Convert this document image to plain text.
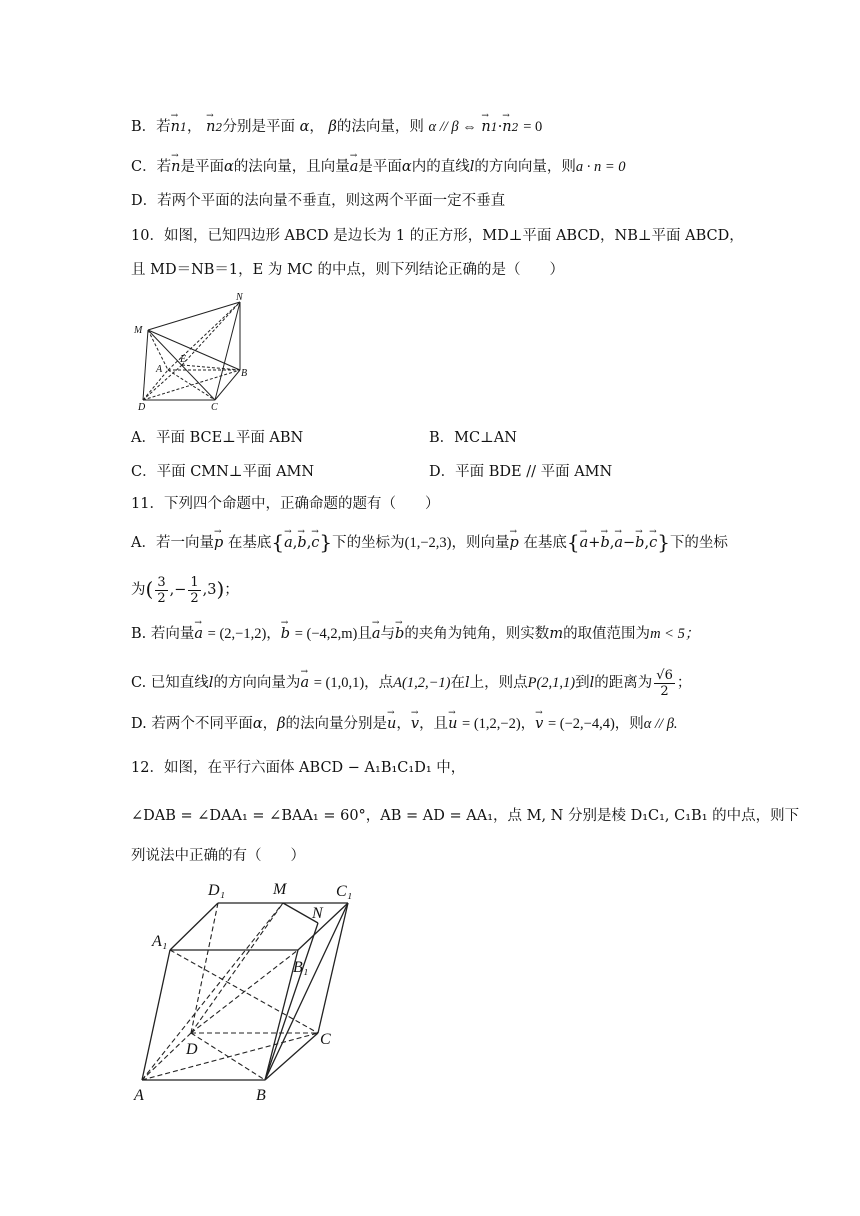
B．若→ n1， → n2分别是平面 α， β的法向量，则 α // β ⇔ → n1·→ n2 = 0
C．若→ n是平面α的法向量，且向量→ a是平面α内的直线l的方向向量，则a · n = 0
D．若两个平面的法向量不垂直，则这两个平面一定不垂直
10．如图，已知四边形 ABCD 是边长为 1 的正方形，MD⊥平面 ABCD，NB⊥平面 ABCD，
且 MD＝NB＝1，E 为 MC 的中点，则下列结论正确的是（　　）
M
N
E
A	B
C
D
A．平面 BCE⊥平面 ABN	B．MC⊥AN
C．平面 CMN⊥平面 AMN	D．平面 BDE // 平面 AMN
11．下列四个命题中，正确命题的题有（　　）
A．若一向量→ p 在基底{→ a,→ b,→ c}下的坐标为(1,−2,3)，则向量→ p 在基底{→ a+→ b,→ a−→ b,→ c}下的坐标
为( $\frac{3}{2}$ ,− $\frac{1}{2} ,3$)；
B. 若向量→ a = (2,−1,2)，→ b = (−4,2,m)且→ a与→ b的夹角为钝角，则实数m的取值范围为m < 5；
C. 已知直线l的方向向量为→ a = (1,0,1)，点A(1,2,−1)在l上，则点P(2,1,1)到l的距离为 $\frac{√6}{2}$ ；
D. 若两个不同平面α，β的法向量分别是→ u，→ v，且→ u = (1,2,−2)，→ v = (−2,−4,4)，则α // β.
12．如图，在平行六面体 ABCD − A₁B₁C₁D₁ 中，
∠DAB = ∠DAA₁ = ∠BAA₁ = 60°，AB = AD = AA₁，点 M, N 分别是棱 D₁C₁, C₁B₁ 的中点，则下
列说法中正确的有（　　）
D₁	M	C₁
N
A₁
B₁
C
D
A	B
